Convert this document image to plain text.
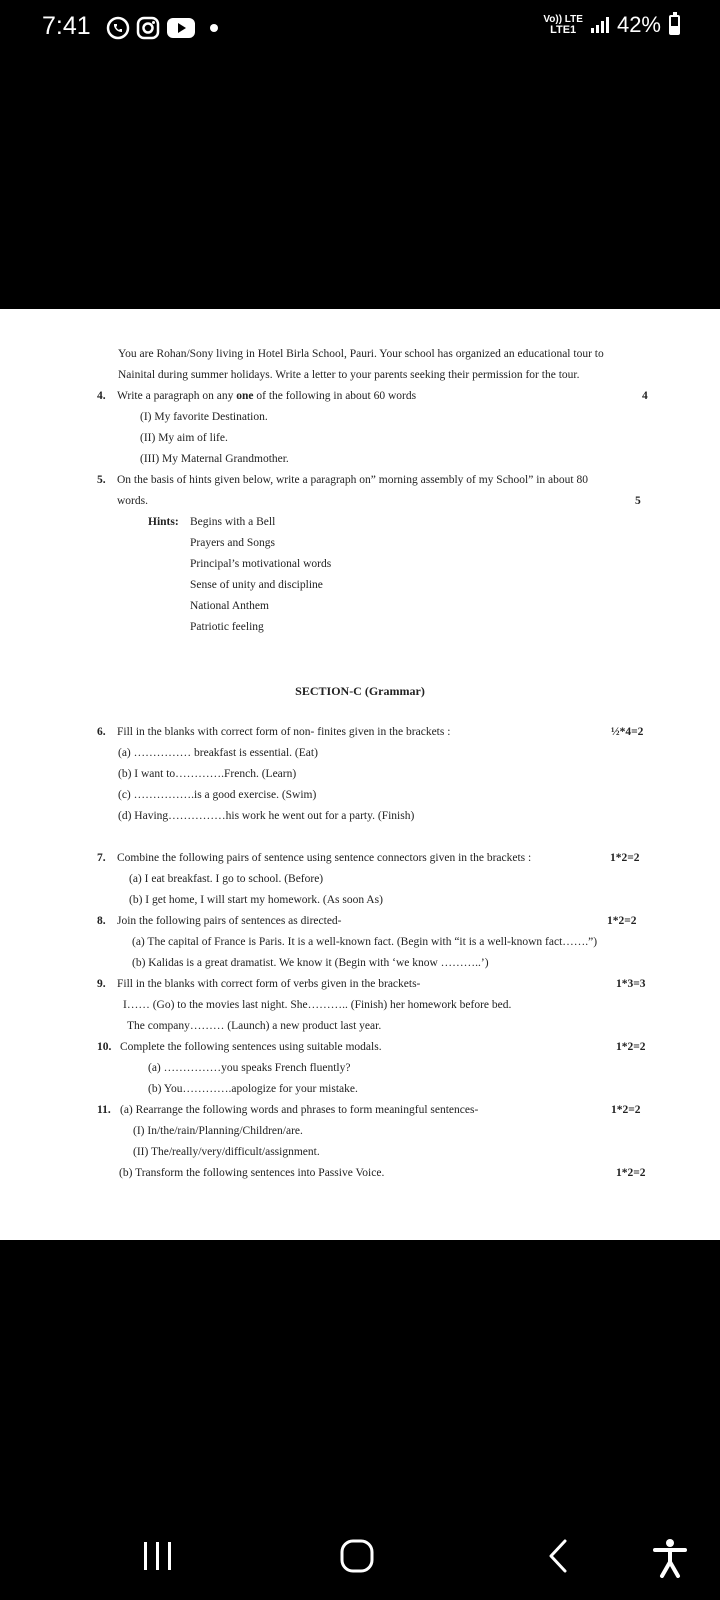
7:41	Vo)) LTE
LTE1	42%
You are Rohan/Sony living in Hotel Birla School, Pauri. Your school has organized an educational tour to
Nainital during summer holidays. Write a letter to your parents seeking their permission for the tour.
4. Write a paragraph on any one of the following in about 60 words	4
(I) My favorite Destination.
(II) My aim of life.
(III) My Maternal Grandmother.
5. On the basis of hints given below, write a paragraph on” morning assembly of my School” in about 80
words.	5
Hints: Begins with a Bell
Prayers and Songs
Principal’s motivational words
Sense of unity and discipline
National Anthem
Patriotic feeling
SECTION-C (Grammar)
6. Fill in the blanks with correct form of non- finites given in the brackets :	½*4=2
(a) …………… breakfast is essential. (Eat)
(b) I want to………….French. (Learn)
(c) …………….is a good exercise. (Swim)
(d) Having……………his work he went out for a party. (Finish)
7. Combine the following pairs of sentence using sentence connectors given in the brackets :	1*2=2
(a) I eat breakfast. I go to school. (Before)
(b) I get home, I will start my homework. (As soon As)
8. Join the following pairs of sentences as directed-	1*2=2
(a) The capital of France is Paris. It is a well-known fact. (Begin with “it is a well-known fact…….”)
(b) Kalidas is a great dramatist. We know it (Begin with ‘we know ………..’)
9. Fill in the blanks with correct form of verbs given in the brackets-	1*3=3
I…… (Go) to the movies last night. She……….. (Finish) her homework before bed.
The company……… (Launch) a new product last year.
10. Complete the following sentences using suitable modals.	1*2=2
(a) ……………you speaks French fluently?
(b) You………….apologize for your mistake.
11. (a) Rearrange the following words and phrases to form meaningful sentences-	1*2=2
(I) In/the/rain/Planning/Children/are.
(II) The/really/very/difficult/assignment.
(b) Transform the following sentences into Passive Voice.	1*2=2
